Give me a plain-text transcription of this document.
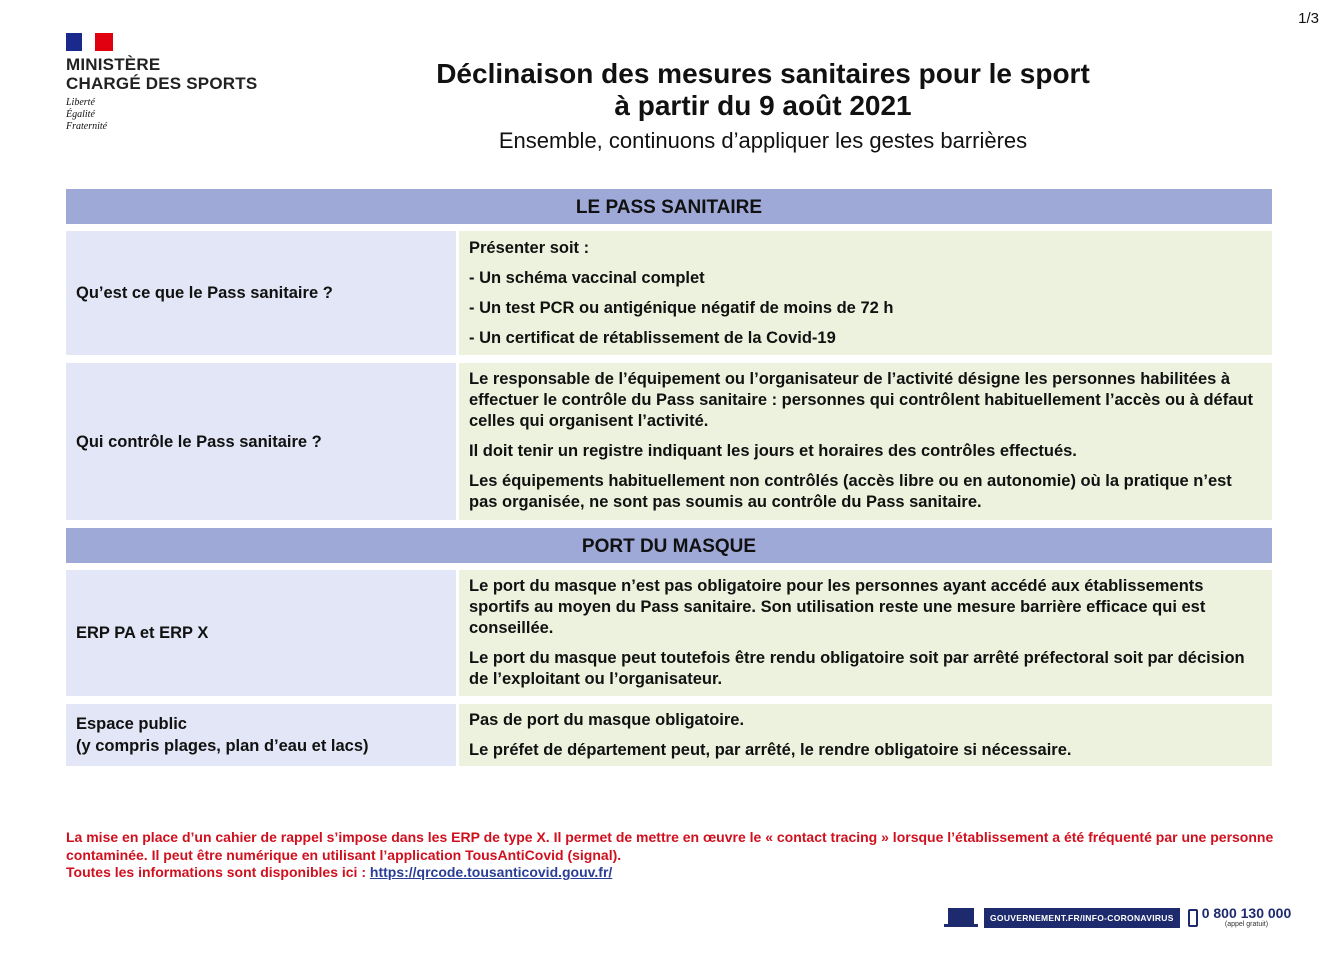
1/3
MINISTÈRE
CHARGÉ DES SPORTS
Liberté
Égalité
Fraternité
Déclinaison des mesures sanitaires pour le sport
à partir du 9 août 2021
Ensemble, continuons d’appliquer les gestes barrières
LE PASS SANITAIRE
Qu’est ce que le Pass sanitaire ?

Présenter soit :

- Un schéma vaccinal complet

- Un test PCR ou antigénique négatif de moins de 72 h

- Un certificat de rétablissement de la Covid-19

Qui contrôle le Pass sanitaire ?

Le responsable de l’équipement ou l’organisateur de l’activité désigne les personnes habilitées à effectuer le contrôle du Pass sanitaire : personnes qui contrôlent habituellement l’accès ou à défaut celles qui organisent l’activité.

Il doit tenir un registre indiquant les jours et horaires des contrôles effectués.

Les équipements habituellement non contrôlés (accès libre ou en autonomie) où la pratique n’est pas organisée, ne sont pas soumis au contrôle du Pass sanitaire.

PORT DU MASQUE
ERP PA et ERP X

Le port du masque n’est pas obligatoire pour les personnes ayant accédé aux établissements sportifs au moyen du Pass sanitaire. Son utilisation reste une mesure barrière efficace qui est conseillée.

Le port du masque peut toutefois être rendu obligatoire soit par arrêté préfectoral soit par décision de l’exploitant ou l’organisateur.

Espace public
(y compris plages, plan d’eau et lacs)

Pas de port du masque obligatoire.

Le préfet de département peut, par arrêté, le rendre obligatoire si nécessaire.

La mise en place d’un cahier de rappel s’impose dans les ERP de type X. Il permet de mettre en œuvre le « contact tracing » lorsque l’établissement a été fréquenté par une personne contaminée. Il peut être numérique en utilisant l’application TousAntiCovid (signal).
Toutes les informations sont disponibles ici : https://qrcode.tousanticovid.gouv.fr/
GOUVERNEMENT.FR/INFO-CORONAVIRUS	0 800 130 000
(appel gratuit)
